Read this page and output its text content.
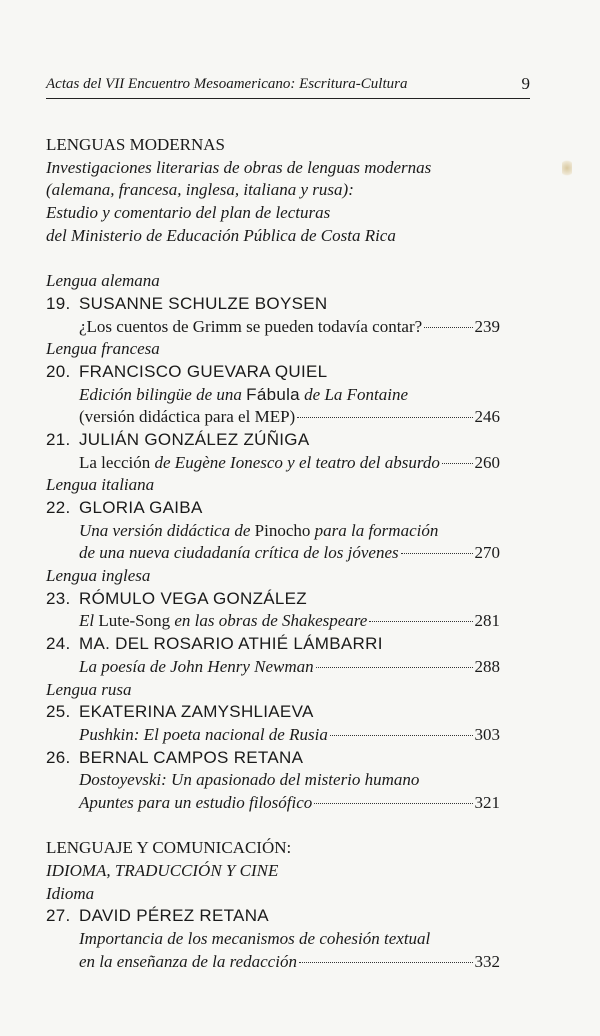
Actas del VII Encuentro Mesoamericano: Escritura-Cultura	9
LENGUAS MODERNAS
Investigaciones literarias de obras de lenguas modernas
(alemana, francesa, inglesa, italiana y rusa):
Estudio y comentario del plan de lecturas
del Ministerio de Educación Pública de Costa Rica
Lengua alemana
19. SUSANNE SCHULZE BOYSEN
¿Los cuentos de Grimm se pueden todavía contar?	239
Lengua francesa
20. FRANCISCO GUEVARA QUIEL
Edición bilingüe de una Fábula de La Fontaine
(versión didáctica para el MEP)	246
21. JULIÁN GONZÁLEZ ZÚÑIGA
La lección de Eugène Ionesco y el teatro del absurdo 260
Lengua italiana
22. GLORIA GAIBA
Una versión didáctica de Pinocho para la formación
de una nueva ciudadanía crítica de los jóvenes	270
Lengua inglesa
23. RÓMULO VEGA GONZÁLEZ
El Lute-Song en las obras de Shakespeare	281
24. MA. DEL ROSARIO ATHIÉ LÁMBARRI
La poesía de John Henry Newman	288
Lengua rusa
25. EKATERINA ZAMYSHLIAEVA
Pushkin: El poeta nacional de Rusia	303
26. BERNAL CAMPOS RETANA
Dostoyevski: Un apasionado del misterio humano
Apuntes para un estudio filosófico	321
LENGUAJE Y COMUNICACIÓN:
IDIOMA, TRADUCCIÓN Y CINE
Idioma
27. DAVID PÉREZ RETANA
Importancia de los mecanismos de cohesión textual
en la enseñanza de la redacción	332
